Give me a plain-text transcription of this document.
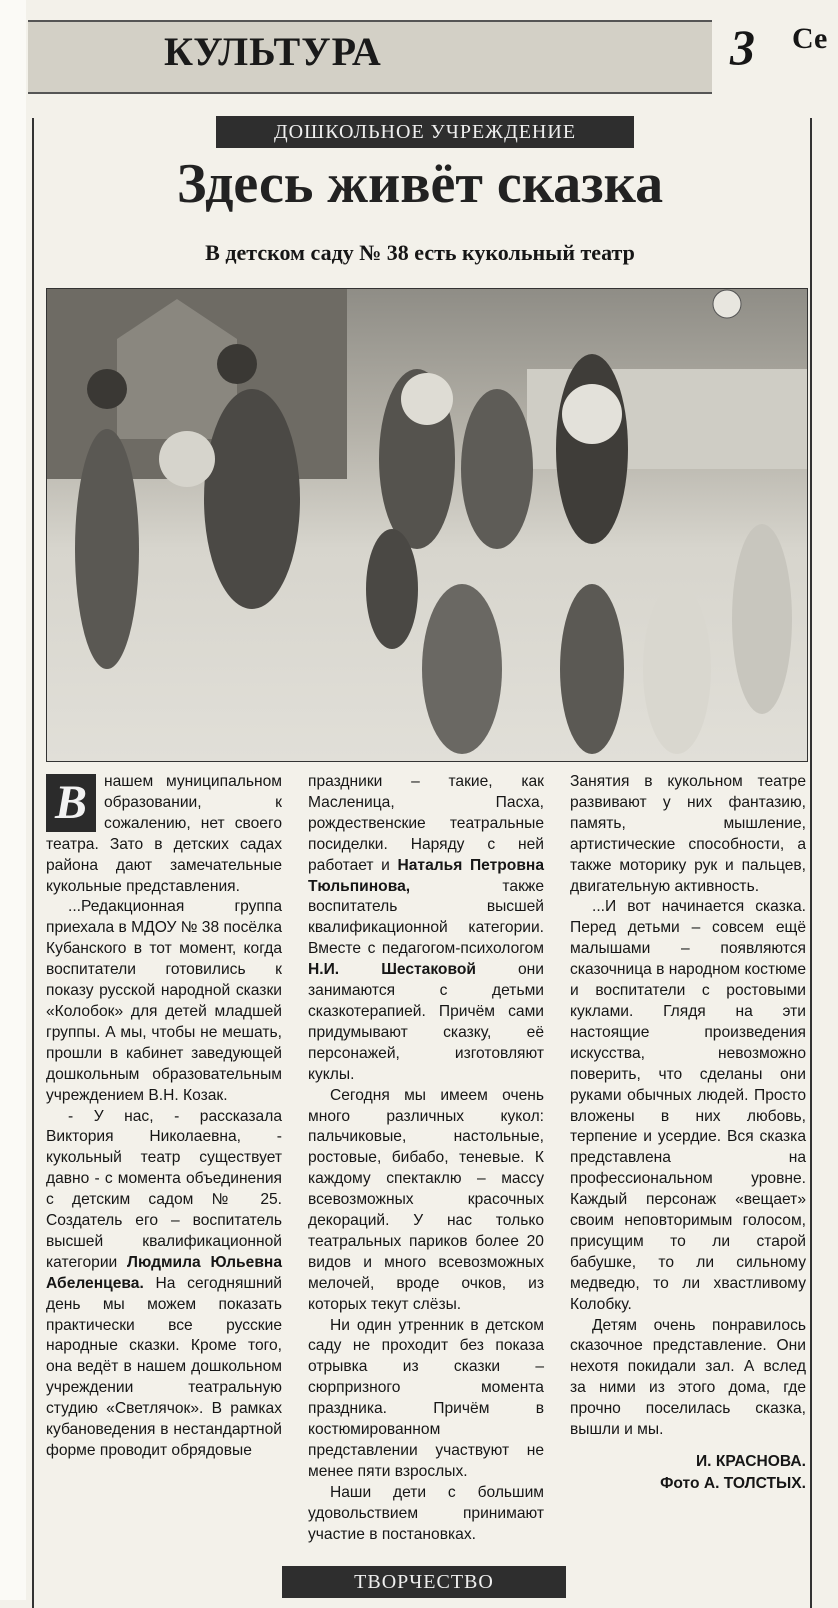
КУЛЬТУРА	3 Се
ДОШКОЛЬНОЕ УЧРЕЖДЕНИЕ
Здесь живёт сказка
В детском саду № 38 есть кукольный театр

В	нашем муниципальном образовании, к сожалению, нет своего театра. Зато в детских садах района дают замечательные кукольные представления.

...Редакционная группа приехала в МДОУ № 38 посёлка Кубанского в тот момент, когда воспитатели готовились к показу русской народной сказки «Колобок» для детей младшей группы. А мы, чтобы не мешать, прошли в кабинет заведующей дошкольным образовательным учреждением В.Н. Козак.

- У нас, - рассказала Виктория Николаевна, - кукольный театр существует давно - с момента объединения с детским садом № 25. Создатель его – воспитатель высшей квалификационной категории Людмила Юльевна Абеленцева. На сегодняшний день мы можем показать практически все русские народные сказки. Кроме того, она ведёт в нашем дошкольном учреждении театральную студию «Светлячок». В рамках кубановедения в нестандартной форме проводит обрядовые

праздники – такие, как Масленица, Пасха, рождественские театральные посиделки. Наряду с ней работает и Наталья Петровна Тюльпинова, также воспитатель высшей квалификационной категории. Вместе с педагогом-психологом Н.И. Шестаковой они занимаются с детьми сказкотерапией. Причём сами придумывают сказку, её персонажей, изготовляют куклы.

Сегодня мы имеем очень много различных кукол: пальчиковые, настольные, ростовые, бибабо, теневые. К каждому спектаклю – массу всевозможных красочных декораций. У нас только театральных париков более 20 видов и много всевозможных мелочей, вроде очков, из которых текут слёзы.

Ни один утренник в детском саду не проходит без показа отрывка из сказки – сюрпризного момента праздника. Причём в костюмированном представлении участвуют не менее пяти взрослых.

Наши дети с большим удовольствием принимают участие в постановках.

Занятия в кукольном театре развивают у них фантазию, память, мышление, артистические способности, а также моторику рук и пальцев, двигательную активность.

...И вот начинается сказка. Перед детьми – совсем ещё малышами – появляются сказочница в народном костюме и воспитатели с ростовыми куклами. Глядя на эти настоящие произведения искусства, невозможно поверить, что сделаны они руками обычных людей. Просто вложены в них любовь, терпение и усердие. Вся сказка представлена на профессиональном уровне. Каждый персонаж «вещает» своим неповторимым голосом, присущим то ли старой бабушке, то ли сильному медведю, то ли хвастливому Колобку.

Детям очень понравилось сказочное представление. Они нехотя покидали зал. А вслед за ними из этого дома, где прочно поселилась сказка, вышли и мы.

И. КРАСНОВА.
Фото А. ТОЛСТЫХ.
ТВОРЧЕСТВО
